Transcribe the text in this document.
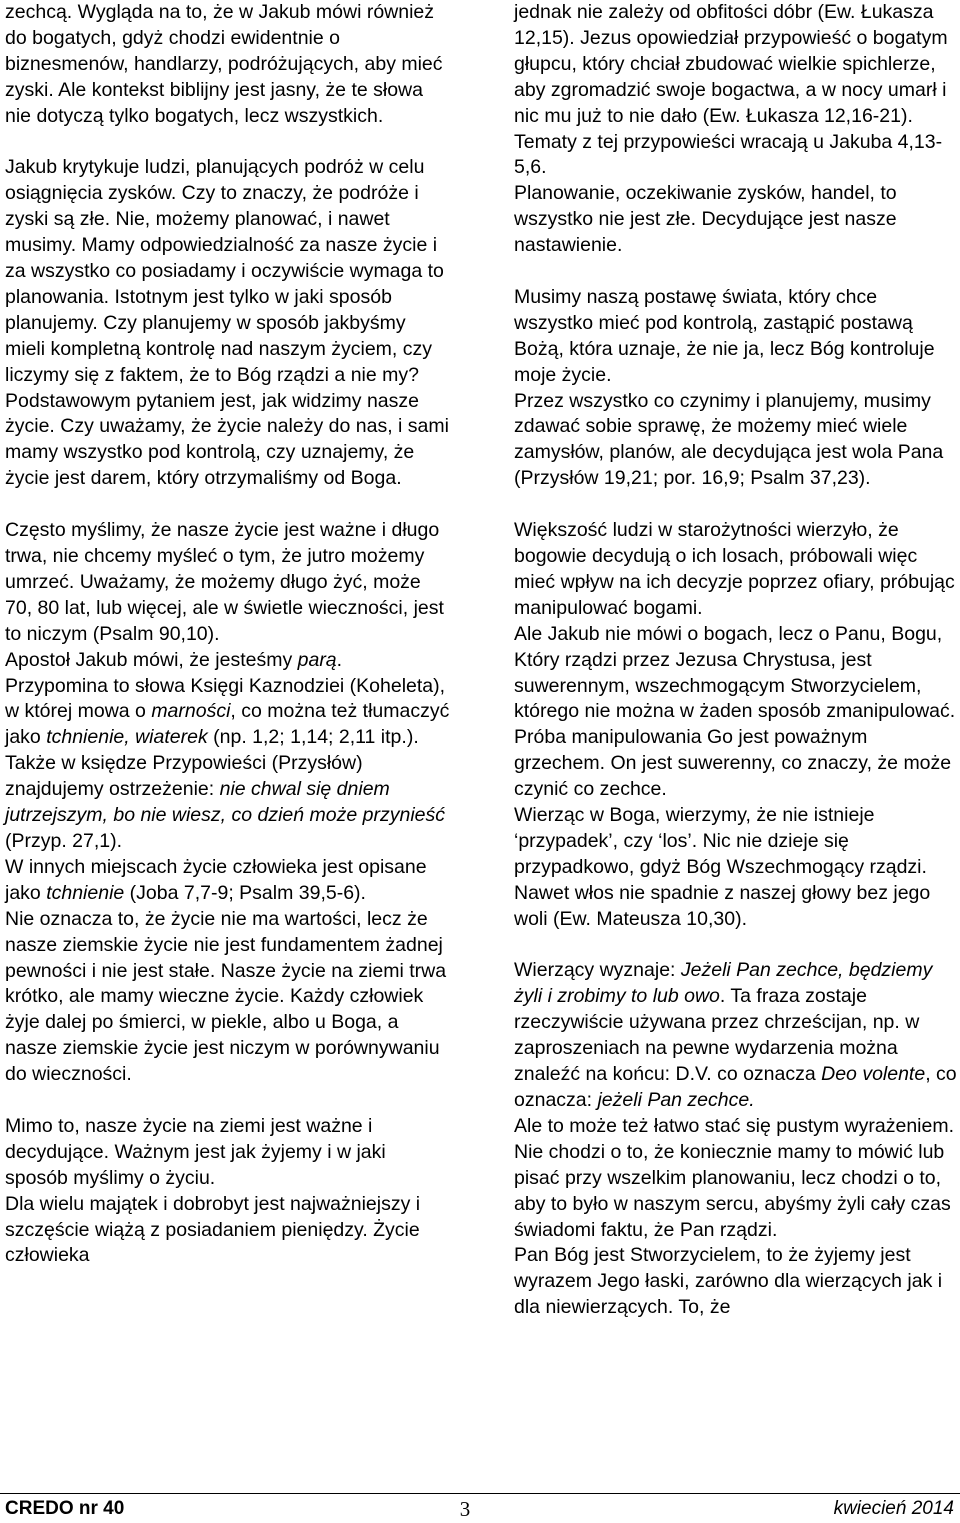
zechcą. Wygląda na to, że w Jakub mówi również do bogatych, gdyż chodzi ewidentnie o biznesmenów, handlarzy, podróżujących, aby mieć zyski. Ale kontekst biblijny jest jasny, że te słowa nie dotyczą tylko bogatych, lecz wszystkich.

Jakub krytykuje ludzi, planujących podróż w celu osiągnięcia zysków. Czy to znaczy, że podróże i zyski są złe. Nie, możemy planować, i nawet musimy. Mamy odpowiedzialność za nasze życie i za wszystko co posiadamy i oczywiście wymaga to planowania. Istotnym jest tylko w jaki sposób planujemy. Czy planujemy w sposób jakbyśmy mieli kompletną kontrolę nad naszym życiem, czy liczymy się z faktem, że to Bóg rządzi a nie my? Podstawowym pytaniem jest, jak widzimy nasze życie. Czy uważamy, że życie należy do nas, i sami mamy wszystko pod kontrolą, czy uznajemy, że życie jest darem, który otrzymaliśmy od Boga.

Często myślimy, że nasze życie jest ważne i długo trwa, nie chcemy myśleć o tym, że jutro możemy umrzeć. Uważamy, że możemy długo żyć, może 70, 80 lat, lub więcej, ale w świetle wieczności, jest to niczym (Psalm 90,10).

Apostoł Jakub mówi, że jesteśmy parą.

Przypomina to słowa Księgi Kaznodziei (Koheleta), w której mowa o marności, co można też tłumaczyć jako tchnienie, wiaterek (np. 1,2; 1,14; 2,11 itp.).

Także w księdze Przypowieści (Przysłów) znajdujemy ostrzeżenie: nie chwal się dniem jutrzejszym, bo nie wiesz, co dzień może przynieść (Przyp. 27,1).

W innych miejscach życie człowieka jest opisane jako tchnienie (Joba 7,7-9; Psalm 39,5-6).

Nie oznacza to, że życie nie ma wartości, lecz że nasze ziemskie życie nie jest fundamentem żadnej pewności i nie jest stałe. Nasze życie na ziemi trwa krótko, ale mamy wieczne życie. Każdy człowiek żyje dalej po śmierci, w piekle, albo u Boga, a nasze ziemskie życie jest niczym w porównywaniu do wieczności.

Mimo to, nasze życie na ziemi jest ważne i decydujące. Ważnym jest jak żyjemy i w jaki sposób myślimy o życiu.

Dla wielu majątek i dobrobyt jest najważniejszy i szczęście wiążą z posiadaniem pieniędzy. Życie człowieka

jednak nie zależy od obfitości dóbr (Ew. Łukasza 12,15). Jezus opowiedział przypowieść o bogatym głupcu, który chciał zbudować wielkie spichlerze, aby zgromadzić swoje bogactwa, a w nocy umarł i nic mu już to nie dało (Ew. Łukasza 12,16-21). Tematy z tej przypowieści wracają u Jakuba 4,13-5,6.

Planowanie, oczekiwanie zysków, handel, to wszystko nie jest złe. Decydujące jest nasze nastawienie.

Musimy naszą postawę świata, który chce wszystko mieć pod kontrolą, zastąpić postawą Bożą, która uznaje, że nie ja, lecz Bóg kontroluje moje życie.

Przez wszystko co czynimy i planujemy, musimy zdawać sobie sprawę, że możemy mieć wiele zamysłów, planów, ale decydująca jest wola Pana (Przysłów 19,21; por. 16,9; Psalm 37,23).

Większość ludzi w starożytności wierzyło, że bogowie decydują o ich losach, próbowali więc mieć wpływ na ich decyzje poprzez ofiary, próbując manipulować bogami.

Ale Jakub nie mówi o bogach, lecz o Panu, Bogu, Który rządzi przez Jezusa Chrystusa, jest suwerennym, wszechmogącym Stworzycielem, którego nie można w żaden sposób zmanipulować. Próba manipulowania Go jest poważnym grzechem. On jest suwerenny, co znaczy, że może czynić co zechce.

Wierząc w Boga, wierzymy, że nie istnieje ‘przypadek’, czy ‘los’. Nic nie dzieje się przypadkowo, gdyż Bóg Wszechmogący rządzi. Nawet włos nie spadnie z naszej głowy bez jego woli (Ew. Mateusza 10,30).

Wierzący wyznaje: Jeżeli Pan zechce, będziemy żyli i zrobimy to lub owo. Ta fraza zostaje rzeczywiście używana przez chrześcijan, np. w zaproszeniach na pewne wydarzenia można znaleźć na końcu: D.V. co oznacza Deo volente, co oznacza: jeżeli Pan zechce.

Ale to może też łatwo stać się pustym wyrażeniem. Nie chodzi o to, że koniecznie mamy to mówić lub pisać przy wszelkim planowaniu, lecz chodzi o to, aby to było w naszym sercu, abyśmy żyli cały czas świadomi faktu, że Pan rządzi.

Pan Bóg jest Stworzycielem, to że żyjemy jest wyrazem Jego łaski, zarówno dla wierzących jak i dla niewierzących. To, że

CREDO nr 40	3	kwiecień 2014
